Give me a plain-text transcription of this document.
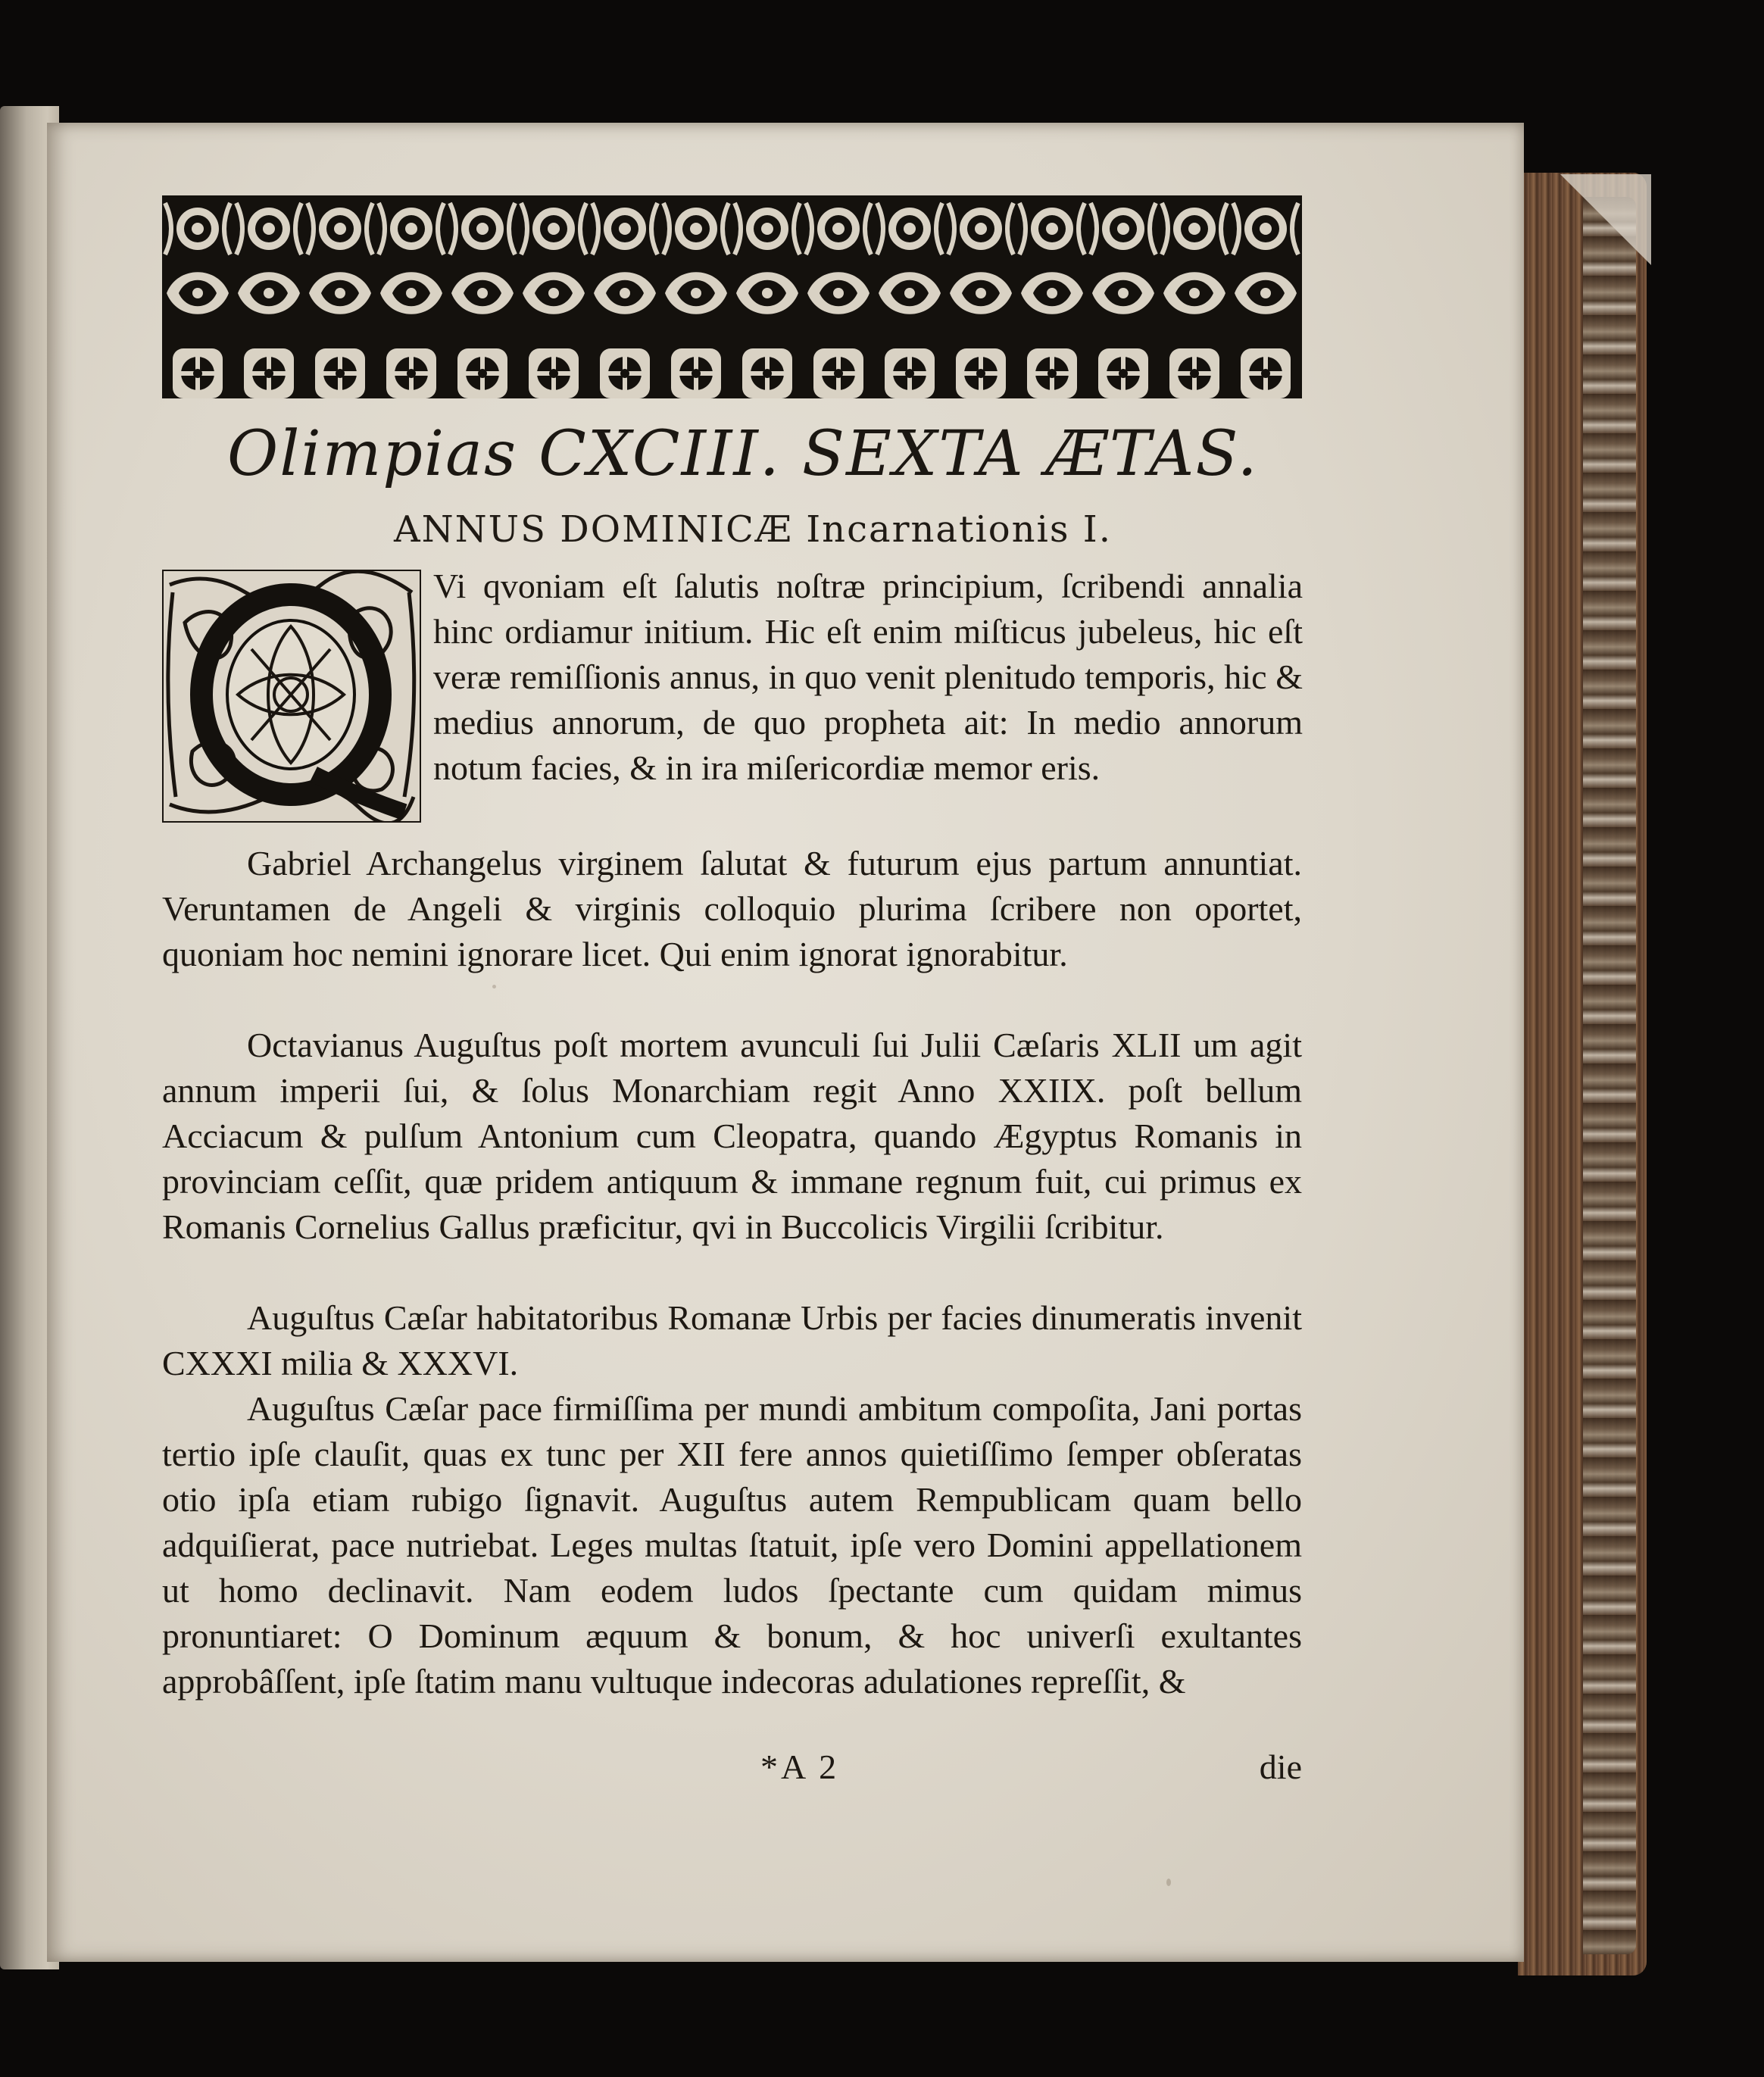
Olimpias CXCIII. SEXTA ÆTAS.
ANNUS DOMINICÆ Incarnationis I.

Vi qvoniam eſt ſalutis noſtræ principium, ſcribendi annalia hinc ordiamur initium. Hic eſt enim miſticus jubeleus, hic eſt veræ remiſſionis annus, in quo venit plenitudo temporis, hic & medius annorum, de quo propheta ait: In medio annorum notum facies, & in ira miſericordiæ memor eris.

Gabriel Archangelus virginem ſalutat & futurum ejus partum annuntiat. Veruntamen de Angeli & virginis colloquio plurima ſcribere non oportet, quoniam hoc nemini ignorare licet. Qui enim ignorat ignorabitur.

Octavianus Auguſtus poſt mortem avunculi ſui Julii Cæſaris XLII um agit annum imperii ſui, & ſolus Monarchiam regit Anno XXIIX. poſt bellum Acciacum & pulſum Antonium cum Cleopatra, quando Ægyptus Romanis in provinciam ceſſit, quæ pridem antiquum & immane regnum fuit, cui primus ex Romanis Cornelius Gallus præficitur, qvi in Buccolicis Virgilii ſcribitur.

Auguſtus Cæſar habitatoribus Romanæ Urbis per facies dinumeratis invenit CXXXI milia & XXXVI.

Auguſtus Cæſar pace firmiſſima per mundi ambitum compoſita, Jani portas tertio ipſe clauſit, quas ex tunc per XII fere annos quietiſſimo ſemper obſeratas otio ipſa etiam rubigo ſignavit. Auguſtus autem Rempublicam quam bello adquiſierat, pace nutriebat. Leges multas ſtatuit, ipſe vero Domini appellationem ut homo declinavit. Nam eodem ludos ſpectante cum quidam mimus pronuntiaret: O Dominum æquum & bonum, & hoc univerſi exultantes approbâſſent, ipſe ſtatim manu vultuque indecoras adulationes repreſſit, &

*A 2	die
